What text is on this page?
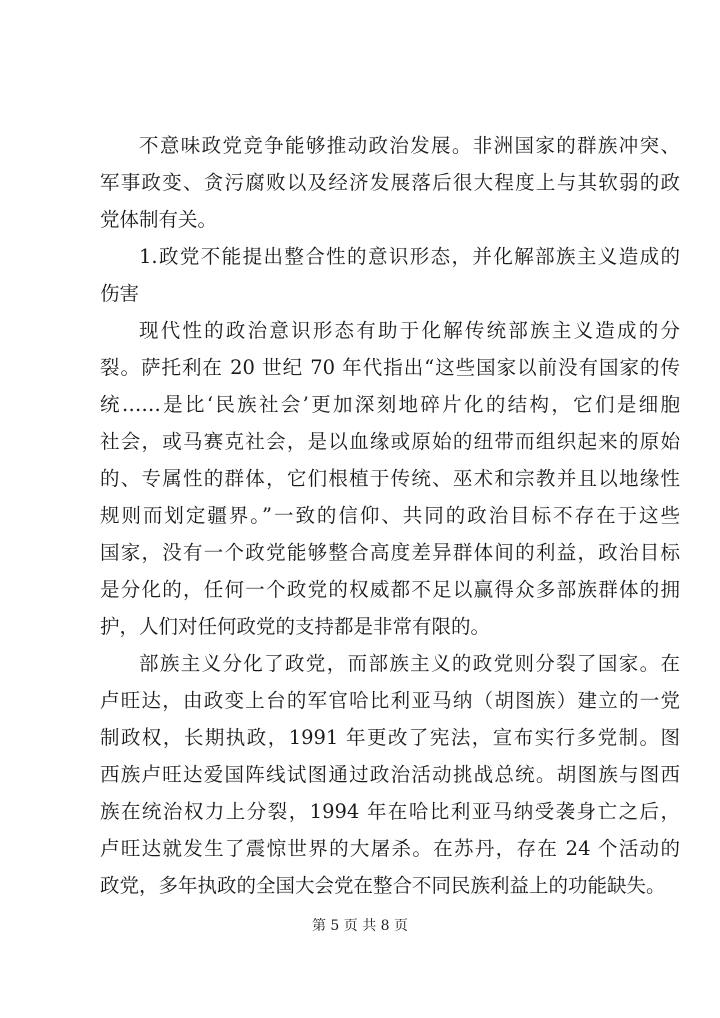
不意味政党竞争能够推动政治发展。非洲国家的群族冲突、
军事政变、贪污腐败以及经济发展落后很大程度上与其软弱的政
党体制有关。
1.政党不能提出整合性的意识形态，并化解部族主义造成的
伤害
现代性的政治意识形态有助于化解传统部族主义造成的分
裂。萨托利在 20 世纪 70 年代指出“这些国家以前没有国家的传
统……是比‘民族社会’更加深刻地碎片化的结构，它们是细胞
社会，或马赛克社会，是以血缘或原始的纽带而组织起来的原始
的、专属性的群体，它们根植于传统、巫术和宗教并且以地缘性
规则而划定疆界。”一致的信仰、共同的政治目标不存在于这些
国家，没有一个政党能够整合高度差异群体间的利益，政治目标
是分化的，任何一个政党的权威都不足以赢得众多部族群体的拥
护，人们对任何政党的支持都是非常有限的。
部族主义分化了政党，而部族主义的政党则分裂了国家。在
卢旺达，由政变上台的军官哈比利亚马纳（胡图族）建立的一党
制政权，长期执政，1991 年更改了宪法，宣布实行多党制。图
西族卢旺达爱国阵线试图通过政治活动挑战总统。胡图族与图西
族在统治权力上分裂，1994 年在哈比利亚马纳受袭身亡之后，
卢旺达就发生了震惊世界的大屠杀。在苏丹，存在 24 个活动的
政党，多年执政的全国大会党在整合不同民族利益上的功能缺失。
第 5 页 共 8 页
